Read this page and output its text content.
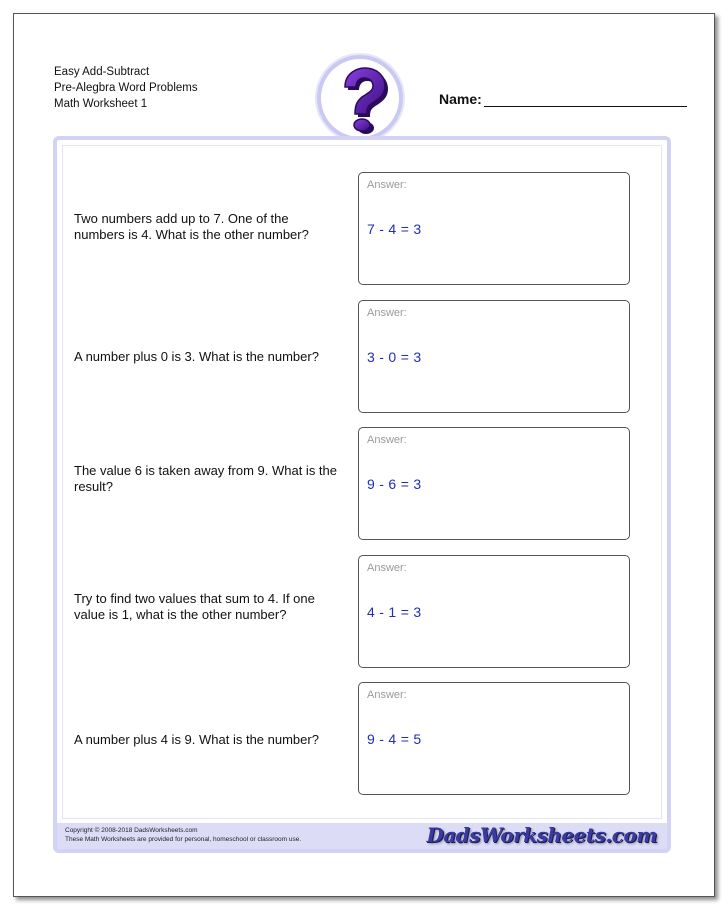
Easy Add-Subtract
Pre-Alegbra Word Problems
Math Worksheet 1	Name:
Two numbers add up to 7. One of the numbers is 4. What is the other number?
Answer:
7 - 4 = 3
A number plus 0 is 3. What is the number?
Answer:
3 - 0 = 3
The value 6 is taken away from 9. What is the result?
Answer:
9 - 6 = 3
Try to find two values that sum to 4. If one value is 1, what is the other number?
Answer:
4 - 1 = 3
A number plus 4 is 9. What is the number?
Answer:
9 - 4 = 5
Copyright © 2008-2018 DadsWorksheets.com
These Math Worksheets are provided for personal, homeschool or classroom use.	DadsWorksheets.com
